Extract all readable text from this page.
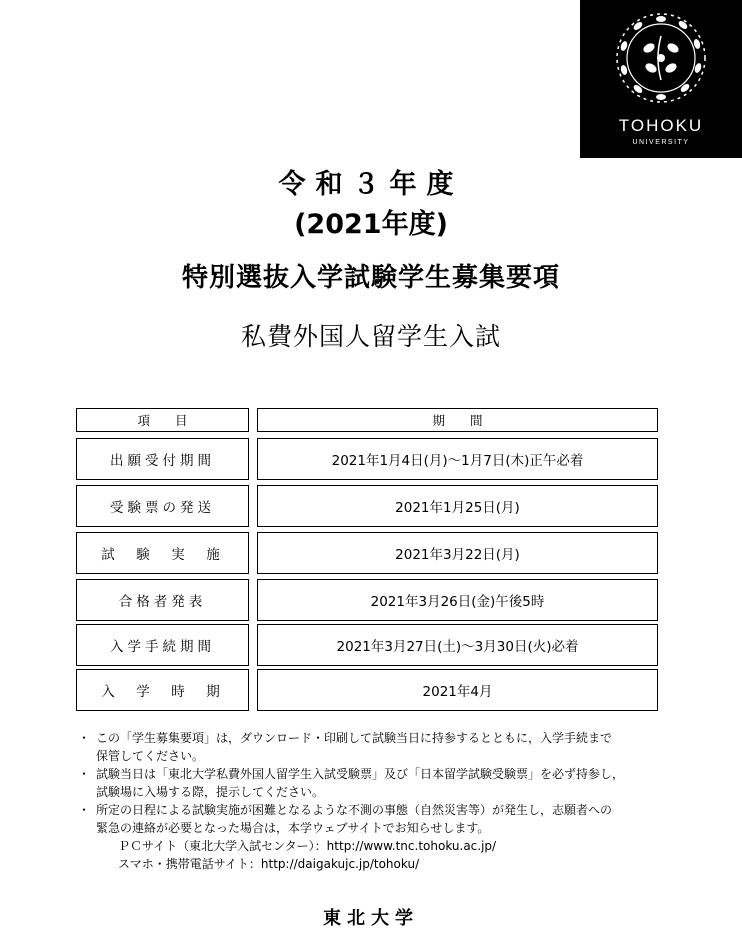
TOHOKU
UNIVERSITY
令和３年度
(2021年度)
特別選抜入学試験学生募集要項
私費外国人留学生入試
項　　目	期　　間
出願受付期間	2021年1月4日(月)～1月7日(木)正午必着
受験票の発送	2021年1月25日(月)
試　験　実　施	2021年3月22日(月)
合格者発表	2021年3月26日(金)午後5時
入学手続期間	2021年3月27日(土)～3月30日(火)必着
入　学　時　期	2021年4月
・ この「学生募集要項」は，ダウンロード・印刷して試験当日に持参するとともに，入学手続まで
保管してください。
・ 試験当日は「東北大学私費外国人留学生入試受験票」及び「日本留学試験受験票」を必ず持参し，
試験場に入場する際，提示してください。
・ 所定の日程による試験実施が困難となるような不測の事態（自然災害等）が発生し，志願者への
緊急の連絡が必要となった場合は，本学ウェブサイトでお知らせします。
ＰＣサイト（東北大学入試センター）：http://www.tnc.tohoku.ac.jp/
スマホ・携帯電話サイト：http://daigakujc.jp/tohoku/
東北大学
